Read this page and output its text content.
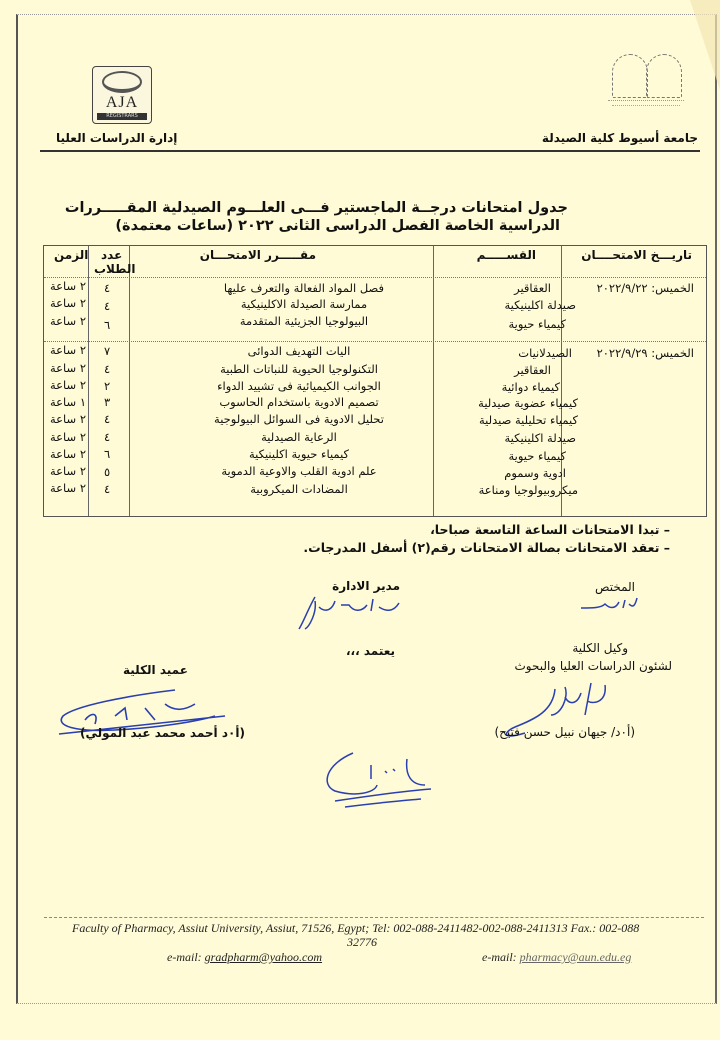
AJA
REGISTRARS
جامعة أسيوط كلية الصيدلة
إدارة الدراسات العليا
جدول امتحانات درجــة الماجستير فـــى العلـــوم الصيدلية المقـــــررات
الدراسية الخاصة الفصل الدراسى الثانى ٢٠٢٢ (ساعات معتمدة)
تاريـــخ الامتحــــان
القســـــم
مقـــــرر الامتحـــان
عدد
الطلاب
الزمن
الخميس: ٢٠٢٢/٩/٢٢
العقاقير
فصل المواد الفعالة والتعرف عليها
٤
٢ ساعة
صيدلة اكلينيكية
ممارسة الصيدلة الاكلينيكية
٤
٢ ساعة
كيمياء حيوية
البيولوجيا الجزيئية المتقدمة
٦
٢ ساعة
الخميس: ٢٠٢٢/٩/٢٩
الصيدلانيات
اليات التهديف الدوائى
٧
٢ ساعة
العقاقير
التكنولوجيا الحيوية للنباتات الطبية
٤
٢ ساعة
كيمياء دوائية
الجوانب الكيميائية فى تشييد الدواء
٢
٢ ساعة
كيمياء عضوية صيدلية
تصميم الادوية باستخدام الحاسوب
٣
١ ساعة
كيمياء تحليلية صيدلية
تحليل الادوية فى السوائل البيولوجية
٤
٢ ساعة
صيدلة اكلينيكية
الرعاية الصيدلية
٤
٢ ساعة
كيمياء حيوية
كيمياء حيوية اكلينيكية
٦
٢ ساعة
ادوية وسموم
علم ادوية القلب والاوعية الدموية
٥
٢ ساعة
ميكروبيولوجيا ومناعة
المضادات الميكروبية
٤
٢ ساعة
– تبدا الامتحانات الساعة التاسعة صباحا،
– تعقد الامتحانات بصالة الامتحانات رقم(٢) أسفل المدرجات.
المختص
مدير الادارة
وكيل الكلية
لشئون الدراسات العليا والبحوث
يعتمد ،،،
عميد الكلية
(أ٠د/ جيهان نبيل حسن فتيح)
(أ٠د أحمد محمد عبد المولي)
Faculty of Pharmacy, Assiut University, Assiut, 71526, Egypt; Tel: 002-088-2411482-002-088-2411313 Fax.: 002-088
32776
e-mail: gradpharm@yahoo.com	e-mail: pharmacy@aun.edu.eg
